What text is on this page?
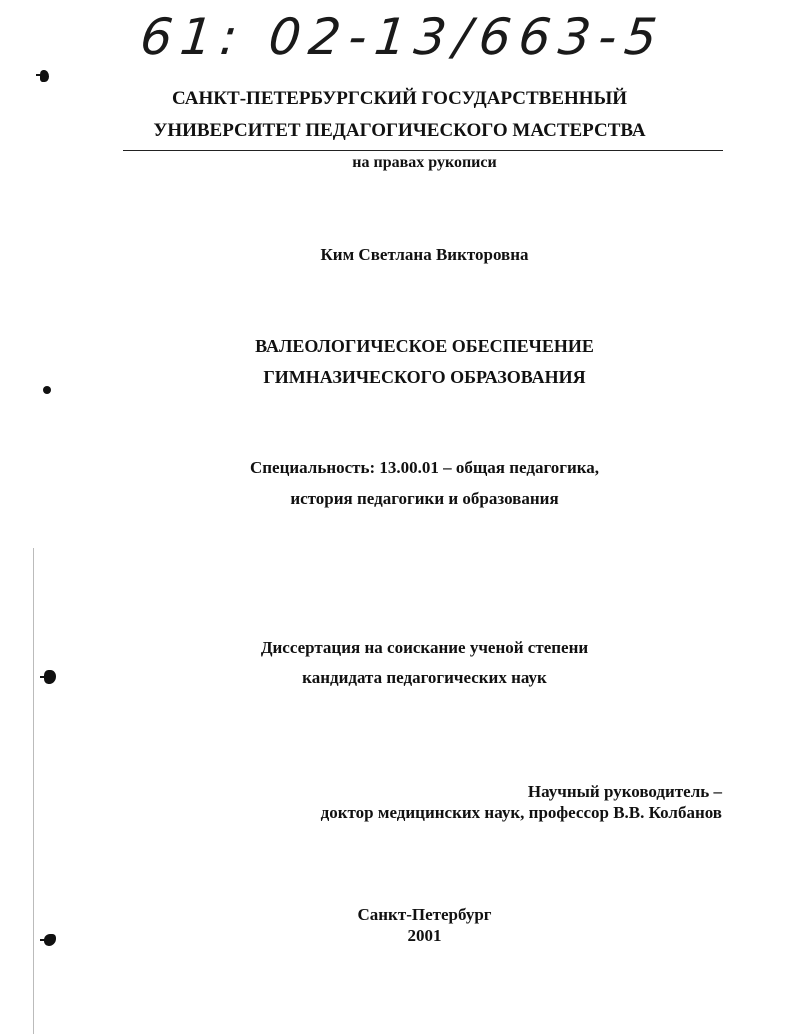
61: 02-13/663-5
САНКТ-ПЕТЕРБУРГСКИЙ ГОСУДАРСТВЕННЫЙ
УНИВЕРСИТЕТ ПЕДАГОГИЧЕСКОГО МАСТЕРСТВА
на правах рукописи
Ким Светлана Викторовна
ВАЛЕОЛОГИЧЕСКОЕ ОБЕСПЕЧЕНИЕ
ГИМНАЗИЧЕСКОГО ОБРАЗОВАНИЯ
Специальность: 13.00.01 – общая педагогика,
история педагогики и образования
Диссертация на соискание ученой степени
кандидата педагогических наук
Научный руководитель –
доктор медицинских наук, профессор В.В. Колбанов
Санкт-Петербург
2001
